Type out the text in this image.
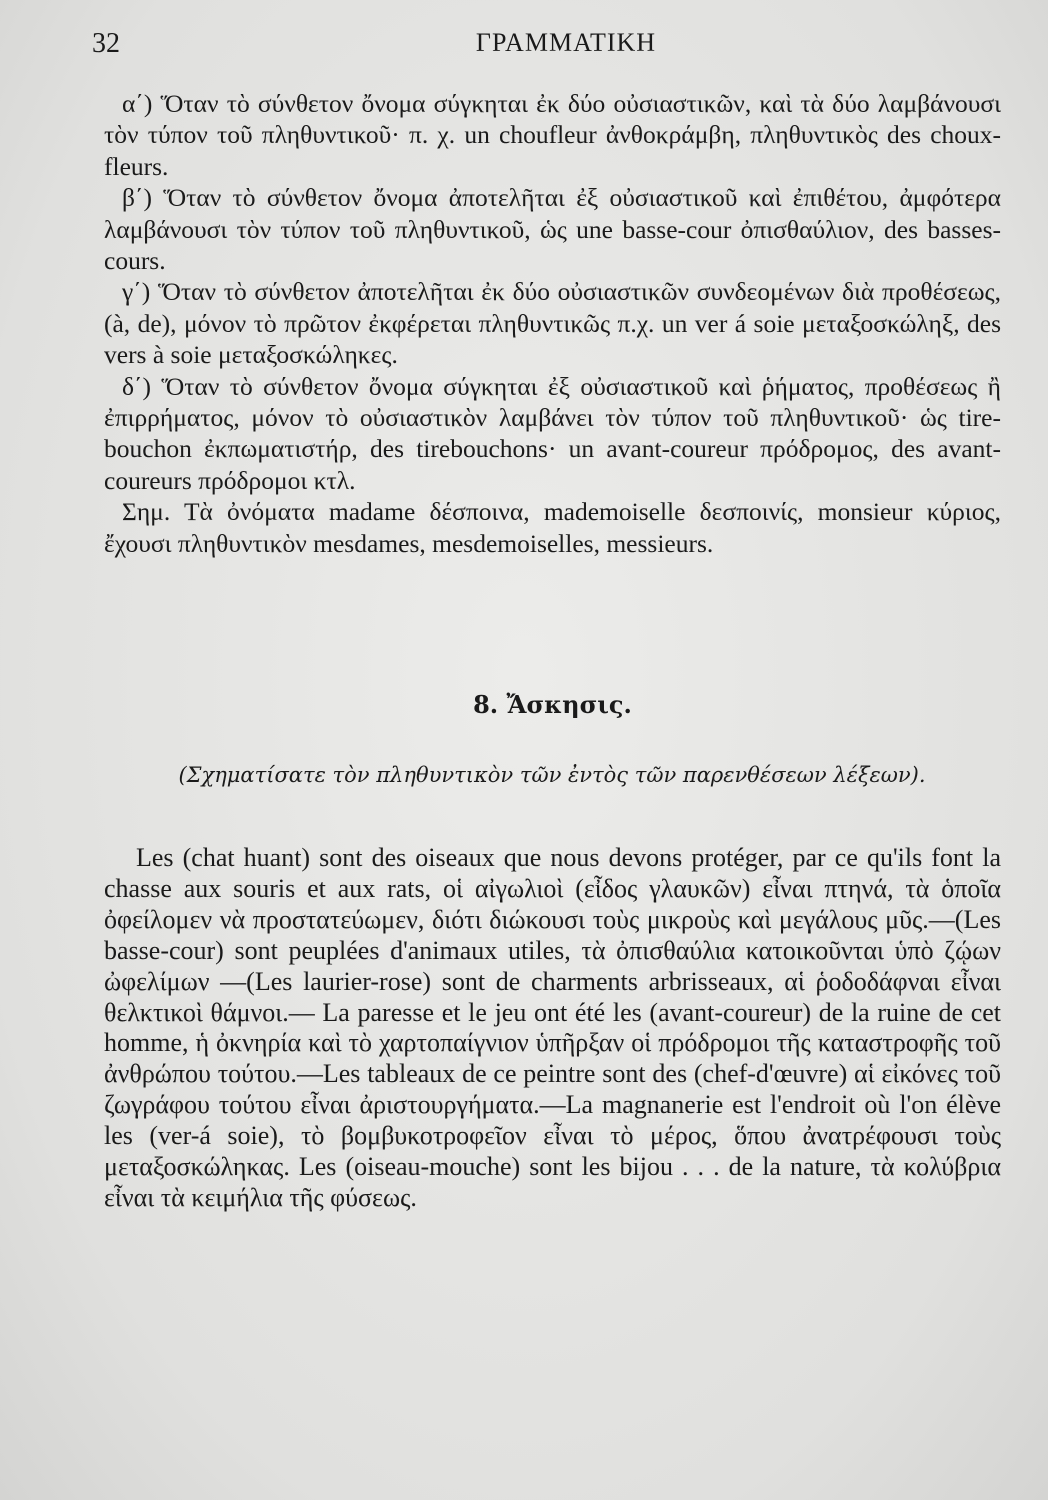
32	ΓΡΑΜΜΑΤΙΚΗ

α΄) Ὅταν τὸ σύνθετον ὄνομα σύγκηται ἐκ δύο οὐσιαστικῶν, καὶ τὰ δύο λαμβάνουσι τὸν τύπον τοῦ πληθυντικοῦ· π. χ. un choufleur ἀνθοκράμβη, πληθυντικὸς des choux-fleurs.

β΄) Ὅταν τὸ σύνθετον ὄνομα ἀποτελῆται ἐξ οὐσιαστικοῦ καὶ ἐπιθέτου, ἀμφότερα λαμβάνουσι τὸν τύπον τοῦ πληθυντικοῦ, ὡς une basse-cour ὀπισθαύλιον, des basses-cours.

γ΄) Ὅταν τὸ σύνθετον ἀποτελῆται ἐκ δύο οὐσιαστικῶν συνδεομένων διὰ προθέσεως, (à, de), μόνον τὸ πρῶτον ἐκφέρεται πληθυντικῶς π.χ. un ver á soie μεταξοσκώληξ, des vers à soie μεταξοσκώληκες.

δ΄) Ὅταν τὸ σύνθετον ὄνομα σύγκηται ἐξ οὐσιαστικοῦ καὶ ῥήματος, προθέσεως ἢ ἐπιρρήματος, μόνον τὸ οὐσιαστικὸν λαμβάνει τὸν τύπον τοῦ πληθυντικοῦ· ὡς tire-bouchon ἐκπωματιστήρ, des tirebouchons· un avant-coureur πρόδρομος, des avant-coureurs πρόδρομοι κτλ.

Σημ. Τὰ ὀνόματα madame δέσποινα, mademoiselle δεσποινίς, monsieur κύριος, ἔχουσι πληθυντικὸν mesdames, mesdemoiselles, messieurs.

8. Ἄσκησις.
(Σχηματίσατε τὸν πληθυντικὸν τῶν ἐντὸς τῶν παρενθέσεων λέξεων).

Les (chat huant) sont des oiseaux que nous devons protéger, par ce qu'ils font la chasse aux souris et aux rats, οἱ αἰγωλιοὶ (εἶδος γλαυκῶν) εἶναι πτηνά, τὰ ὁποῖα ὀφείλομεν νὰ προστατεύωμεν, διότι διώκουσι τοὺς μικροὺς καὶ μεγάλους μῦς.—(Les basse-cour) sont peuplées d'animaux utiles, τὰ ὀπισθαύλια κατοικοῦνται ὑπὸ ζῴων ὠφελίμων —(Les laurier-rose) sont de charments arbrisseaux, αἱ ῥοδοδάφναι εἶναι θελκτικοὶ θάμνοι.— La paresse et le jeu ont été les (avant-coureur) de la ruine de cet homme, ἡ ὀκνηρία καὶ τὸ χαρτοπαίγνιον ὑπῆρξαν οἱ πρόδρομοι τῆς καταστροφῆς τοῦ ἀνθρώπου τούτου.—Les tableaux de ce peintre sont des (chef-d'œuvre) αἱ εἰκόνες τοῦ ζωγράφου τούτου εἶναι ἀριστουργήματα.—La magnanerie est l'endroit où l'on élève les (ver-á soie), τὸ βομβυκοτροφεῖον εἶναι τὸ μέρος, ὅπου ἀνατρέφουσι τοὺς μεταξοσκώληκας. Les (oiseau-mouche) sont les bijou . . . de la nature, τὰ κολύβρια εἶναι τὰ κειμήλια τῆς φύσεως.
